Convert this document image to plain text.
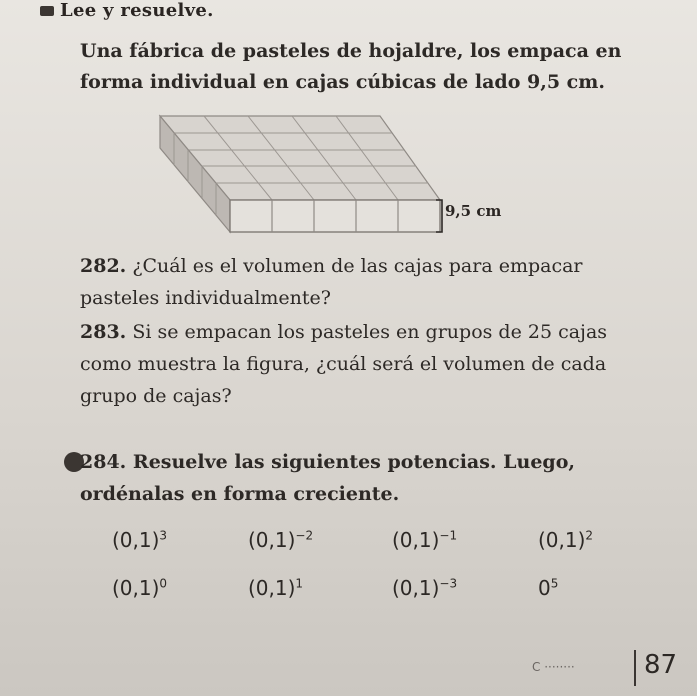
Lee y resuelve.
Una fábrica de pasteles de hojaldre, los empaca en forma individual en cajas cúbicas de lado 9,5 cm.
9,5 cm
282. ¿Cuál es el volumen de las cajas para empacar pasteles individualmente?
283. Si se empacan los pasteles en grupos de 25 cajas como muestra la figura, ¿cuál será el volumen de cada grupo de cajas?
284. Resuelve las siguientes potencias. Luego, ordénalas en forma creciente.
$(0,1)^3$	$(0,1)^{-2}$	$(0,1)^{-1}$	$(0,1)^2$
$(0,1)^0$	$(0,1)^1$	$(0,1)^{-3}$	$0^5$
C ········	87
